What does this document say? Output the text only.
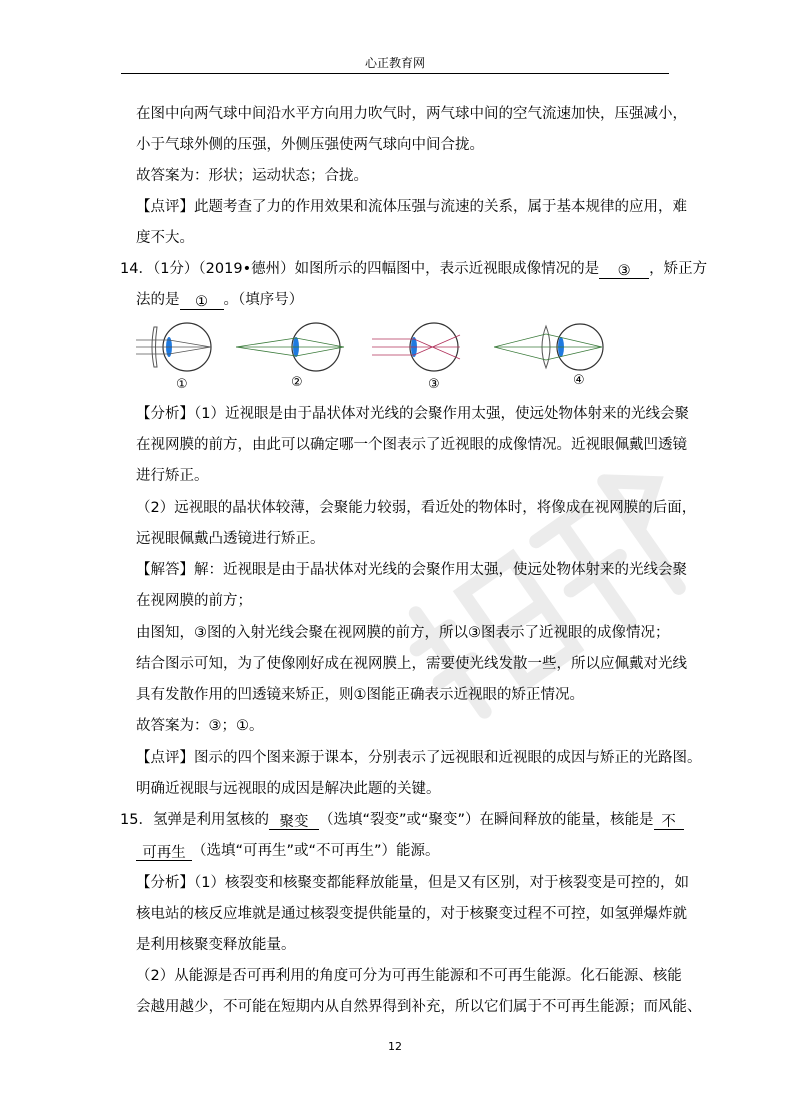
心正教育网
在图中向两气球中间沿水平方向用力吹气时，两气球中间的空气流速加快，压强减小，
小于气球外侧的压强，外侧压强使两气球向中间合拢。
故答案为：形状；运动状态；合拢。
【点评】此题考查了力的作用效果和流体压强与流速的关系，属于基本规律的应用，难
度不大。
14．（1分）（2019•德州）如图所示的四幅图中，表示近视眼成像情况的是 ③ ，矫正方
法的是 ① 。（填序号）
①	②	③	④
【分析】（1）近视眼是由于晶状体对光线的会聚作用太强，使远处物体射来的光线会聚
在视网膜的前方，由此可以确定哪一个图表示了近视眼的成像情况。近视眼佩戴凹透镜
进行矫正。
（2）远视眼的晶状体较薄，会聚能力较弱，看近处的物体时，将像成在视网膜的后面，
远视眼佩戴凸透镜进行矫正。
【解答】解：近视眼是由于晶状体对光线的会聚作用太强，使远处物体射来的光线会聚
在视网膜的前方；
由图知，③图的入射光线会聚在视网膜的前方，所以③图表示了近视眼的成像情况；
结合图示可知，为了使像刚好成在视网膜上，需要使光线发散一些，所以应佩戴对光线
具有发散作用的凹透镜来矫正，则①图能正确表示近视眼的矫正情况。
故答案为：③；①。
【点评】图示的四个图来源于课本，分别表示了远视眼和近视眼的成因与矫正的光路图。
明确近视眼与远视眼的成因是解决此题的关键。
15．氢弹是利用氢核的 聚变 （选填“裂变”或“聚变”）在瞬间释放的能量，核能是 不
可再生 （选填“可再生”或“不可再生”）能源。
【分析】（1）核裂变和核聚变都能释放能量，但是又有区别，对于核裂变是可控的，如
核电站的核反应堆就是通过核裂变提供能量的，对于核聚变过程不可控，如氢弹爆炸就
是利用核聚变释放能量。
（2）从能源是否可再利用的角度可分为可再生能源和不可再生能源。化石能源、核能
会越用越少，不可能在短期内从自然界得到补充，所以它们属于不可再生能源；而风能、
12
